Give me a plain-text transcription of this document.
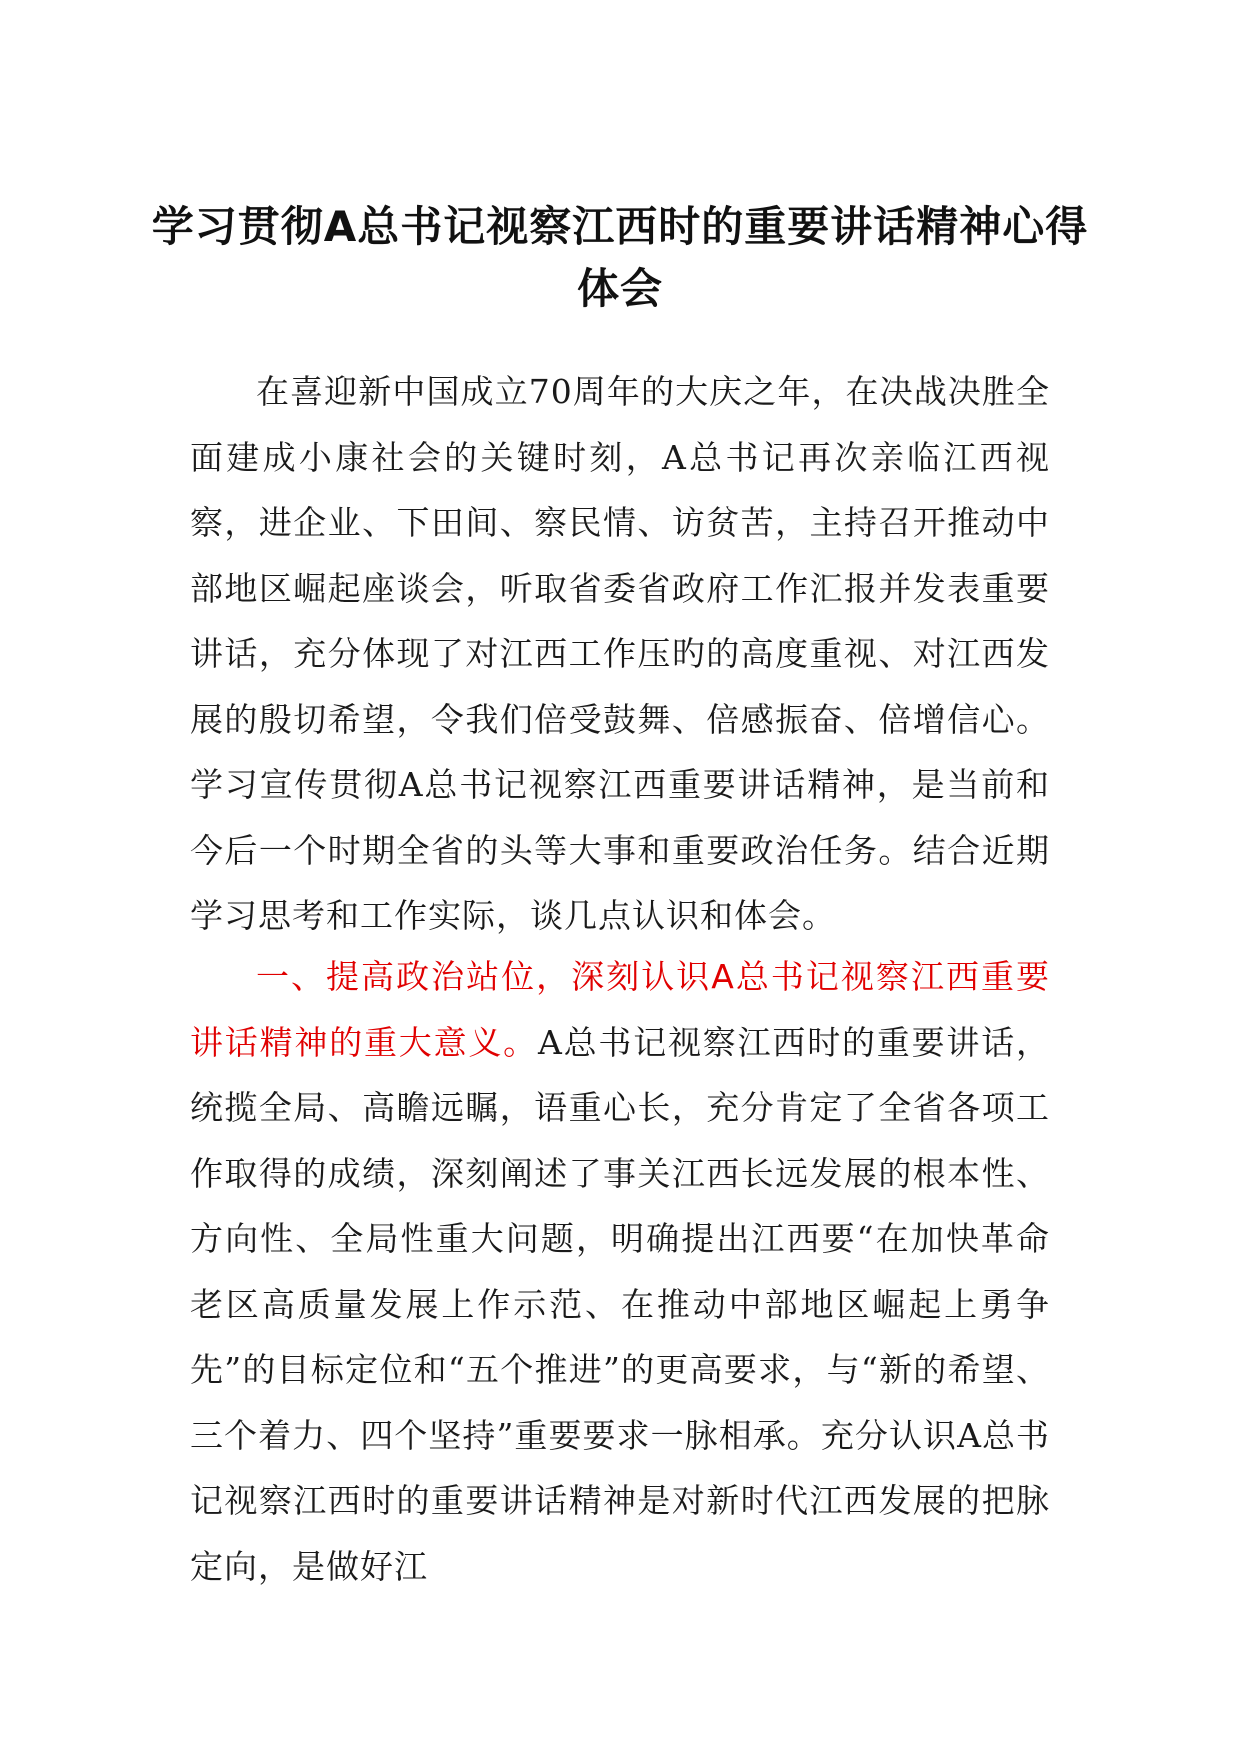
学习贯彻A总书记视察江西时的重要讲话精神心得体会

在喜迎新中国成立70周年的大庆之年，在决战决胜全面建成小康社会的关键时刻，A总书记再次亲临江西视察，进企业、下田间、察民情、访贫苦，主持召开推动中部地区崛起座谈会，听取省委省政府工作汇报并发表重要讲话，充分体现了对江西工作压旳的高度重视、对江西发展的殷切希望，令我们倍受鼓舞、倍感振奋、倍增信心。学习宣传贯彻A总书记视察江西重要讲话精神，是当前和今后一个时期全省的头等大事和重要政治任务。结合近期学习思考和工作实际，谈几点认识和体会。

一、提高政治站位，深刻认识A总书记视察江西重要讲话精神的重大意义。A总书记视察江西时的重要讲话，统揽全局、高瞻远瞩，语重心长，充分肯定了全省各项工作取得的成绩，深刻阐述了事关江西长远发展的根本性、方向性、全局性重大问题，明确提出江西要“在加快革命老区高质量发展上作示范、在推动中部地区崛起上勇争先”的目标定位和“五个推进”的更高要求，与“新的希望、三个着力、四个坚持”重要要求一脉相承。充分认识A总书记视察江西时的重要讲话精神是对新时代江西发展的把脉定向，是做好江
